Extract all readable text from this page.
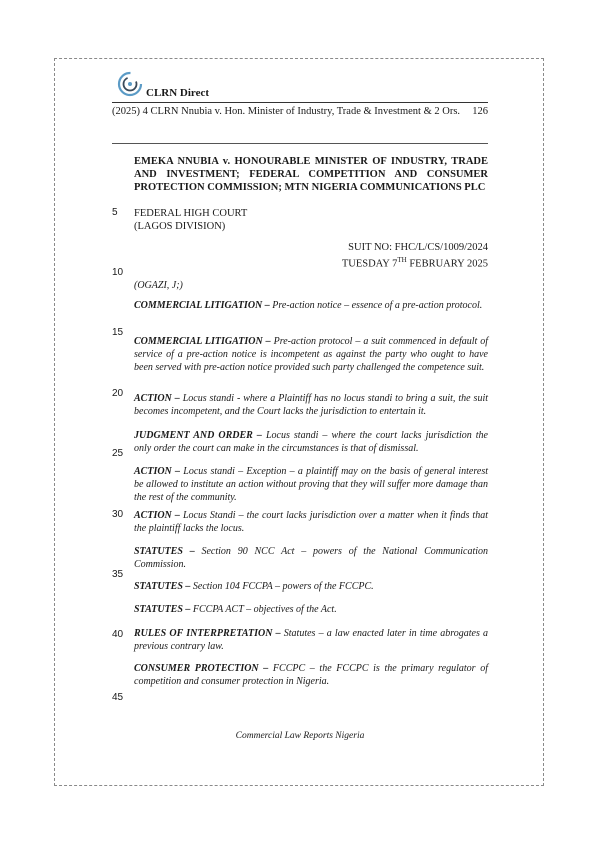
CLRN Direct
(2025) 4 CLRN Nnubia v. Hon. Minister of Industry, Trade & Investment & 2 Ors. 126
EMEKA NNUBIA v. HONOURABLE MINISTER OF INDUSTRY, TRADE AND INVESTMENT; FEDERAL COMPETITION AND CONSUMER PROTECTION COMMISSION; MTN NIGERIA COMMUNICATIONS PLC
FEDERAL HIGH COURT
(LAGOS DIVISION)
SUIT NO: FHC/L/CS/1009/2024
TUESDAY 7TH FEBRUARY 2025
(OGAZI, J;)
COMMERCIAL LITIGATION – Pre-action notice – essence of a pre-action protocol.
COMMERCIAL LITIGATION – Pre-action protocol – a suit commenced in default of service of a pre-action notice is incompetent as against the party who ought to have been served with pre-action notice provided such party challenged the competence suit.
ACTION – Locus standi - where a Plaintiff has no locus standi to bring a suit, the suit becomes incompetent, and the Court lacks the jurisdiction to entertain it.
JUDGMENT AND ORDER – Locus standi – where the court lacks jurisdiction the only order the court can make in the circumstances is that of dismissal.
ACTION – Locus standi – Exception – a plaintiff may on the basis of general interest be allowed to institute an action without proving that they will suffer more damage than the rest of the community.
ACTION – Locus Standi – the court lacks jurisdiction over a matter when it finds that the plaintiff lacks the locus.
STATUTES – Section 90 NCC Act – powers of the National Communication Commission.
STATUTES – Section 104 FCCPA – powers of the FCCPC.
STATUTES – FCCPA ACT – objectives of the Act.
RULES OF INTERPRETATION – Statutes – a law enacted later in time abrogates a previous contrary law.
CONSUMER PROTECTION – FCCPC – the FCCPC is the primary regulator of competition and consumer protection in Nigeria.
5
10
15
20
25
30
35
40
45
Commercial Law Reports Nigeria
